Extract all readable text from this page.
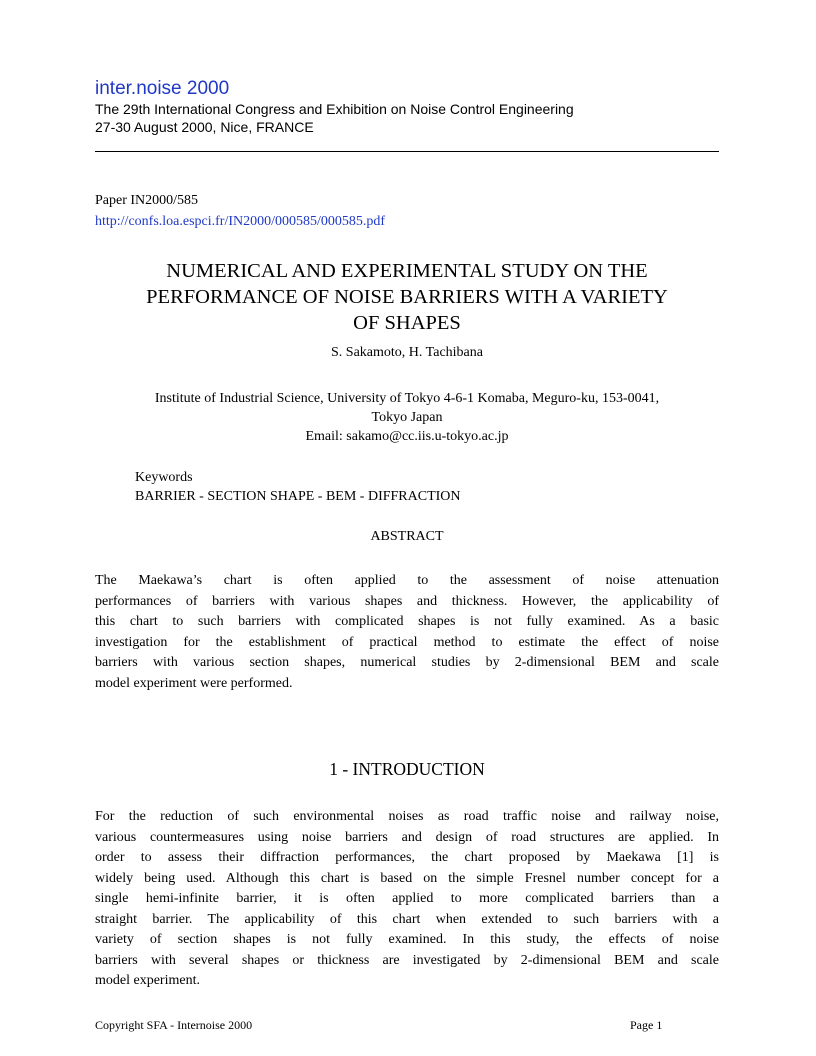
inter.noise 2000
The 29th International Congress and Exhibition on Noise Control Engineering
27-30 August 2000, Nice, FRANCE
Paper IN2000/585
http://confs.loa.espci.fr/IN2000/000585/000585.pdf
NUMERICAL AND EXPERIMENTAL STUDY ON THE
PERFORMANCE OF NOISE BARRIERS WITH A VARIETY
OF SHAPES
S. Sakamoto, H. Tachibana
Institute of Industrial Science, University of Tokyo 4-6-1 Komaba, Meguro-ku, 153-0041,
Tokyo Japan
Email: sakamo@cc.iis.u-tokyo.ac.jp
Keywords
BARRIER - SECTION SHAPE - BEM - DIFFRACTION
ABSTRACT
The Maekawa’s chart is often applied to the assessment of noise attenuation
performances of barriers with various shapes and thickness. However, the applicability of
this chart to such barriers with complicated shapes is not fully examined. As a basic
investigation for the establishment of practical method to estimate the effect of noise
barriers with various section shapes, numerical studies by 2-dimensional BEM and scale
model experiment were performed.
1 - INTRODUCTION
For the reduction of such environmental noises as road traffic noise and railway noise,
various countermeasures using noise barriers and design of road structures are applied. In
order to assess their diffraction performances, the chart proposed by Maekawa [1] is
widely being used. Although this chart is based on the simple Fresnel number concept for a
single hemi-infinite barrier, it is often applied to more complicated barriers than a
straight barrier. The applicability of this chart when extended to such barriers with a
variety of section shapes is not fully examined. In this study, the effects of noise
barriers with several shapes or thickness are investigated by 2-dimensional BEM and scale
model experiment.
Copyright SFA - Internoise 2000	Page 1
